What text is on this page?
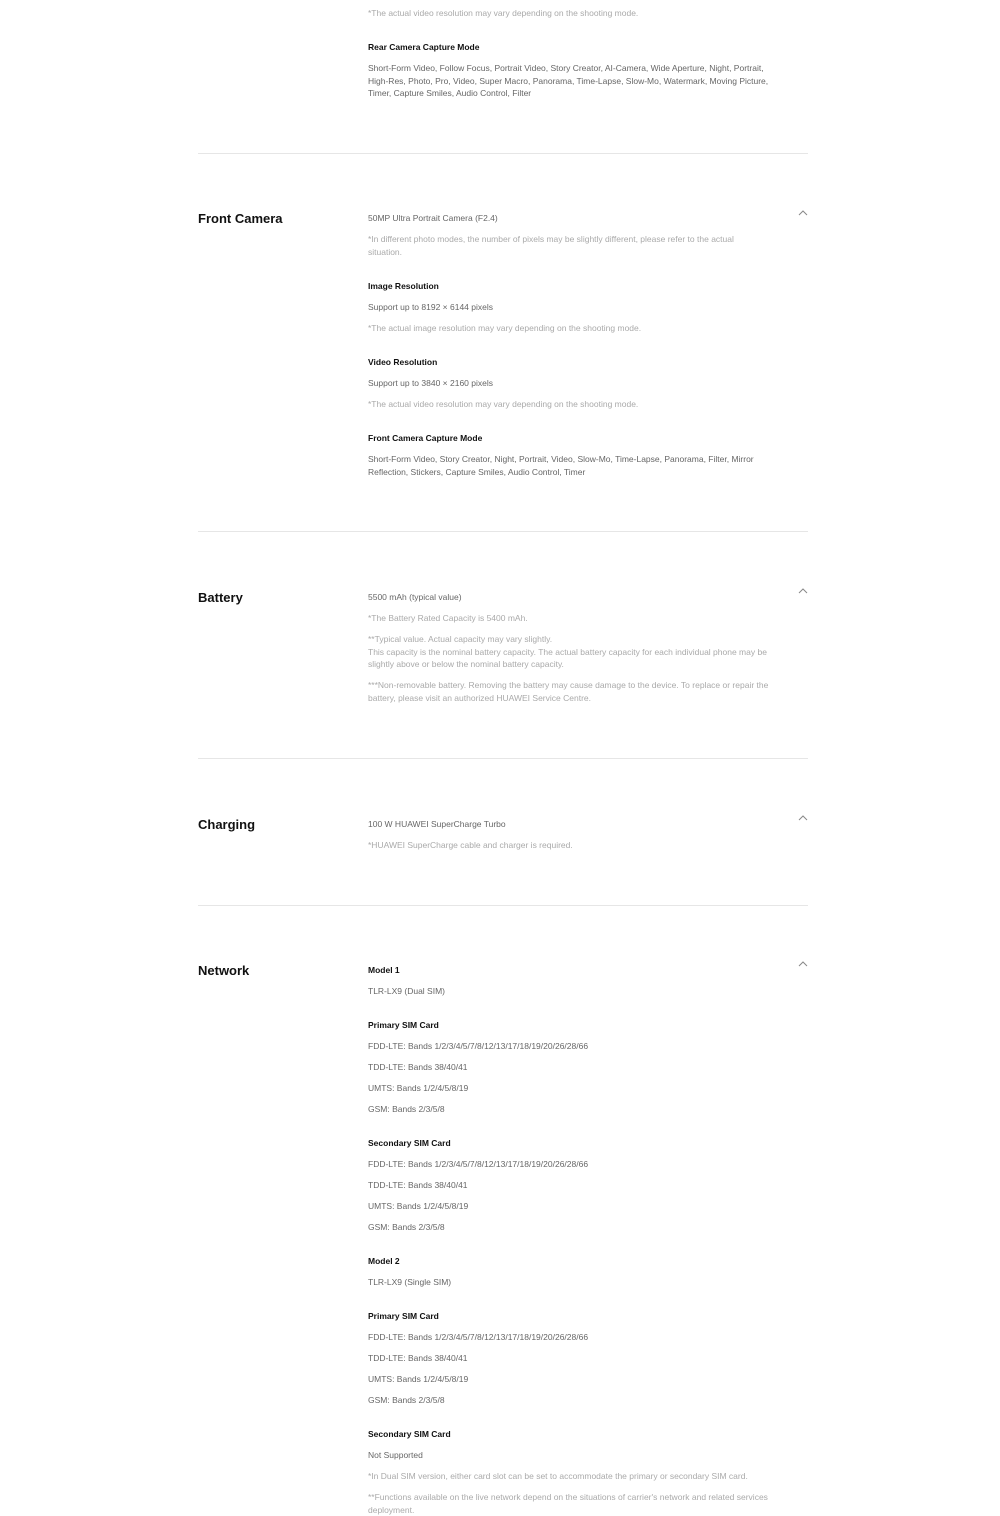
*The actual video resolution may vary depending on the shooting mode.
Rear Camera Capture Mode
Short-Form Video, Follow Focus, Portrait Video, Story Creator, AI-Camera, Wide Aperture, Night, Portrait, High-Res, Photo, Pro, Video, Super Macro, Panorama, Time-Lapse, Slow-Mo, Watermark, Moving Picture, Timer, Capture Smiles, Audio Control, Filter
Front Camera	50MP Ultra Portrait Camera (F2.4)
*In different photo modes, the number of pixels may be slightly different, please refer to the actual situation.
Image Resolution
Support up to 8192 × 6144 pixels
*The actual image resolution may vary depending on the shooting mode.
Video Resolution
Support up to 3840 × 2160 pixels
*The actual video resolution may vary depending on the shooting mode.
Front Camera Capture Mode
Short-Form Video, Story Creator, Night, Portrait, Video, Slow-Mo, Time-Lapse, Panorama, Filter, Mirror Reflection, Stickers, Capture Smiles, Audio Control, Timer
Battery	5500 mAh (typical value)
*The Battery Rated Capacity is 5400 mAh.
**Typical value. Actual capacity may vary slightly.
This capacity is the nominal battery capacity. The actual battery capacity for each individual phone may be slightly above or below the nominal battery capacity.
***Non-removable battery. Removing the battery may cause damage to the device. To replace or repair the battery, please visit an authorized HUAWEI Service Centre.
Charging	100 W HUAWEI SuperCharge Turbo
*HUAWEI SuperCharge cable and charger is required.
Network	Model 1
TLR-LX9 (Dual SIM)
Primary SIM Card
FDD-LTE: Bands 1/2/3/4/5/7/8/12/13/17/18/19/20/26/28/66
TDD-LTE: Bands 38/40/41
UMTS: Bands 1/2/4/5/8/19
GSM: Bands 2/3/5/8
Secondary SIM Card
FDD-LTE: Bands 1/2/3/4/5/7/8/12/13/17/18/19/20/26/28/66
TDD-LTE: Bands 38/40/41
UMTS: Bands 1/2/4/5/8/19
GSM: Bands 2/3/5/8
Model 2
TLR-LX9 (Single SIM)
Primary SIM Card
FDD-LTE: Bands 1/2/3/4/5/7/8/12/13/17/18/19/20/26/28/66
TDD-LTE: Bands 38/40/41
UMTS: Bands 1/2/4/5/8/19
GSM: Bands 2/3/5/8
Secondary SIM Card
Not Supported
*In Dual SIM version, either card slot can be set to accommodate the primary or secondary SIM card.
**Functions available on the live network depend on the situations of carrier's network and related services deployment.
